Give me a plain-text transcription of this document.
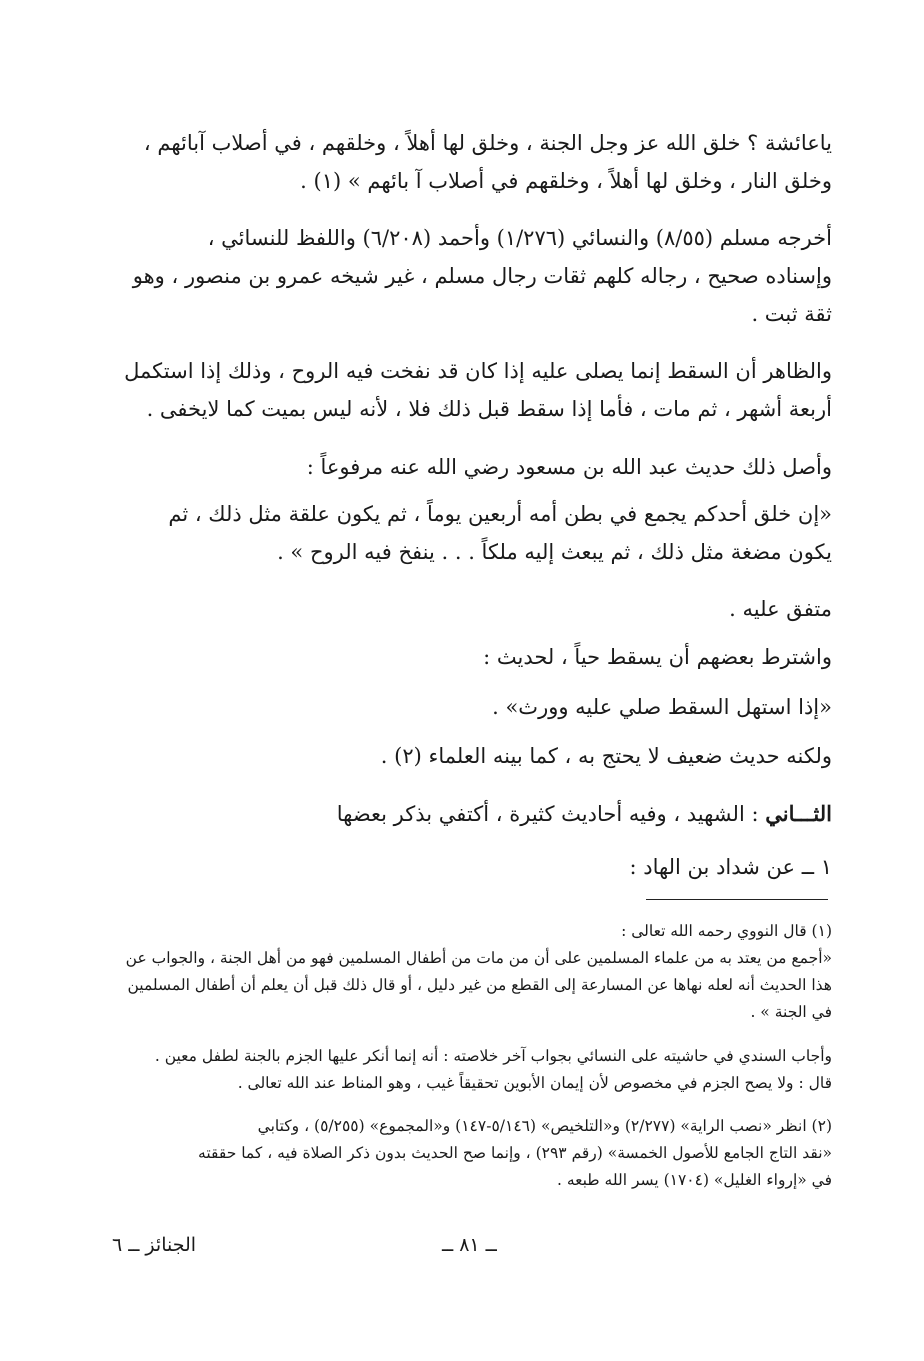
ياعائشة ؟ خلق الله عز وجل الجنة ، وخلق لها أهلاً ، وخلقهم ، في أصلاب آبائهم ،
وخلق النار ، وخلق لها أهلاً ، وخلقهم في أصلاب آ بائهم » (١) .
أخرجه مسلم (٨/٥٥) والنسائي (١/٢٧٦) وأحمد (٦/٢٠٨) واللفظ للنسائي ،
وإسناده صحيح ، رجاله كلهم ثقات رجال مسلم ، غير شيخه عمرو بن منصور ، وهو
ثقة ثبت .
والظاهر أن السقط إنما يصلى عليه إذا كان قد نفخت فيه الروح ، وذلك إذا استكمل
أربعة أشهر ، ثم مات ، فأما إذا سقط قبل ذلك فلا ، لأنه ليس بميت كما لايخفى .
وأصل ذلك حديث عبد الله بن مسعود رضي الله عنه مرفوعاً :
«إن خلق أحدكم يجمع في بطن أمه أربعين يوماً ، ثم يكون علقة مثل ذلك ، ثم
يكون مضغة مثل ذلك ، ثم يبعث إليه ملكاً . . . ينفخ فيه الروح » .
متفق عليه .
واشترط بعضهم أن يسقط حياً ، لحديث :
«إذا استهل السقط صلي عليه وورث» .
ولكنه حديث ضعيف لا يحتج به ، كما بينه العلماء (٢) .
الثـــاني : الشهيد ، وفيه أحاديث كثيرة ، أكتفي بذكر بعضها
١ ــ عن شداد بن الهاد :
(١) قال النووي رحمه الله تعالى :
«أجمع من يعتد به من علماء المسلمين على أن من مات من أطفال المسلمين فهو من أهل الجنة ، والجواب عن
هذا الحديث أنه لعله نهاها عن المسارعة إلى القطع من غير دليل ، أو قال ذلك قبل أن يعلم أن أطفال المسلمين
في الجنة » .
وأجاب السندي في حاشيته على النسائي بجواب آخر خلاصته : أنه إنما أنكر عليها الجزم بالجنة لطفل معين .
قال : ولا يصح الجزم في مخصوص لأن إيمان الأبوين تحقيقاً غيب ، وهو المناط عند الله تعالى .
(٢) انظر «نصب الراية» (٢/٢٧٧) و«التلخيص» (٥/١٤٦-١٤٧) و«المجموع» (٥/٢٥٥) ، وكتابي
«نقد التاج الجامع للأصول الخمسة» (رقم ٢٩٣) ، وإنما صح الحديث بدون ذكر الصلاة فيه ، كما حققته
في «إرواء الغليل» (١٧٠٤) يسر الله طبعه .
ــ ٨١ ــ
الجنائز ــ ٦
